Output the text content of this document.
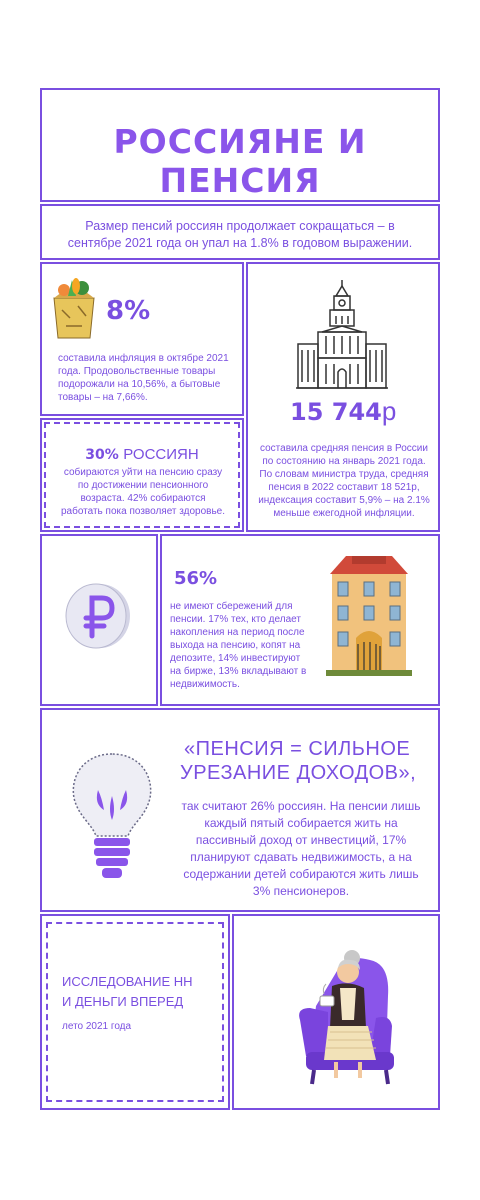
РОССИЯНЕ И ПЕНСИЯ

Размер пенсий россиян продолжает сокращаться – в сентябре 2021 года он упал на 1.8% в годовом выражении.

8%
составила инфляция в октябре 2021 года. Продовольственные товары подорожали на 10,56%, а бытовые товары – на 7,66%.
15 744р
составила средняя пенсия в России по состоянию на январь 2021 года. По словам министра труда, средняя пенсия в 2022 составит 18 521р, индексация составит 5,9% – на 2.1% меньше ежегодной инфляции.
30% РОССИЯН
собираются уйти на пенсию сразу по достижении пенсионного возраста. 42% собираются работать пока позволяет здоровье.
56%
не имеют сбережений для пенсии. 17% тех, кто делает накопления на период после выхода на пенсию, копят на депозите, 14% инвестируют на бирже, 13% вкладывают в недвижимость.
«ПЕНСИЯ = СИЛЬНОЕ
УРЕЗАНИЕ ДОХОДОВ»,
так считают 26% россиян. На пенсии лишь каждый пятый собирается жить на пассивный доход от инвестиций, 17% планируют сдавать недвижимость, а на содержании детей собираются жить лишь 3% пенсионеров.
ИССЛЕДОВАНИЕ НН И ДЕНЬГИ ВПЕРЕД
лето 2021 года
